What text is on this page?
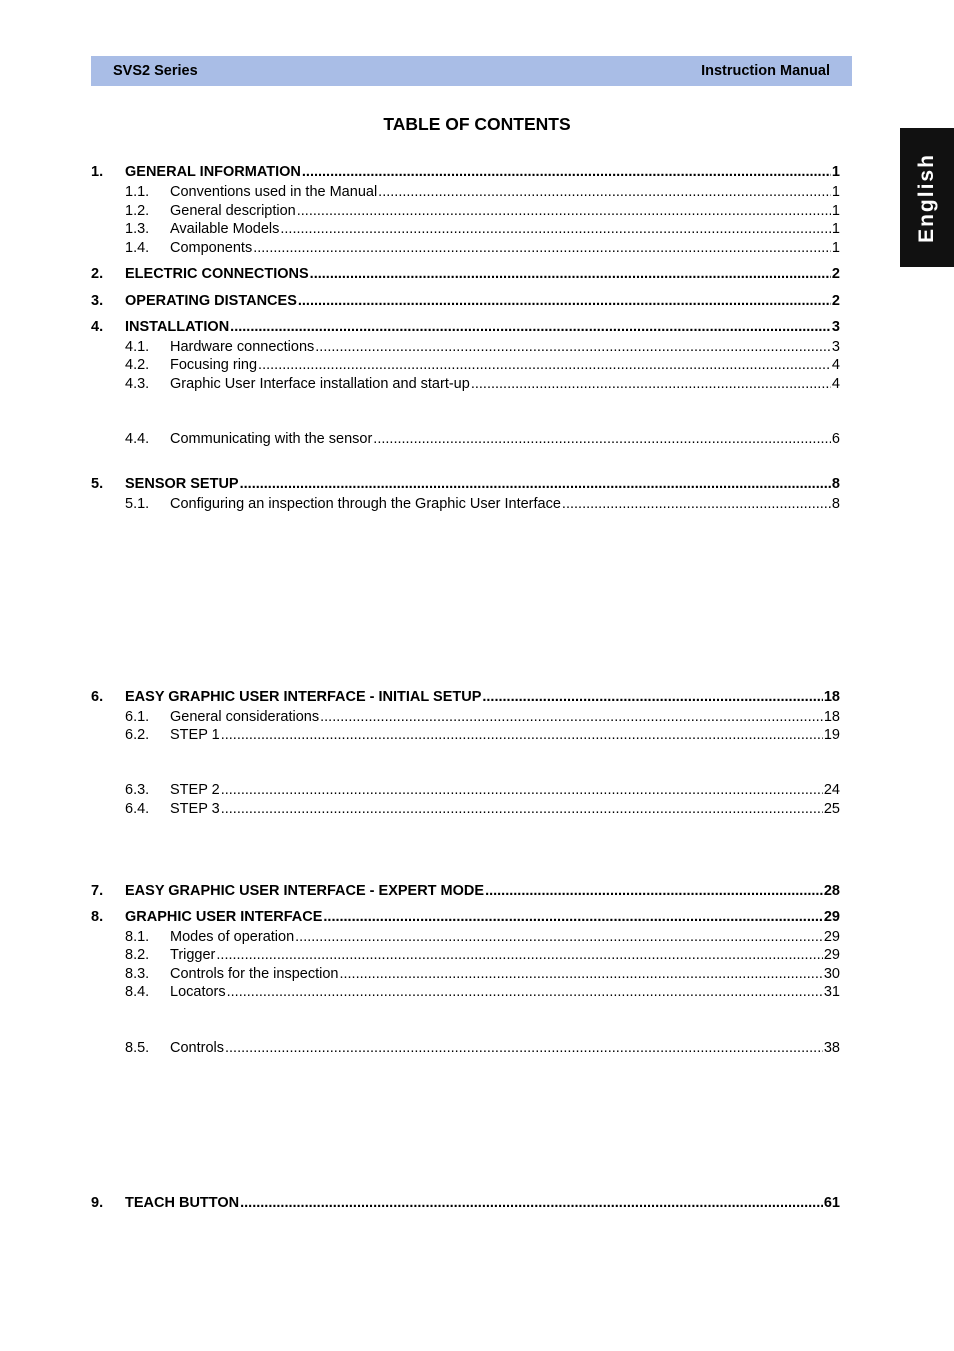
SVS2 Series	Instruction Manual
TABLE OF CONTENTS
English
1.	GENERAL INFORMATION .....	1
1.1.	Conventions used in the Manual .....	1
1.2.	General description .....	1
1.3.	Available Models .....	1
1.4.	Components .....	1
2.	ELECTRIC CONNECTIONS .....	2
3.	OPERATING DISTANCES .....	2
4.	INSTALLATION .....	3
4.1.	Hardware connections .....	3
4.2.	Focusing ring .....	4
4.3.	Graphic User Interface installation and start-up .....	4
4.4.	Communicating with the sensor .....	6
5.	SENSOR SETUP .....	8
5.1.	Configuring an inspection through the Graphic User Interface .....	8
6.	EASY GRAPHIC USER INTERFACE - INITIAL SETUP .....	18
6.1.	General considerations .....	18
6.2.	STEP 1 .....	19
6.3.	STEP 2 .....	24
6.4.	STEP 3 .....	25
7.	EASY GRAPHIC USER INTERFACE - EXPERT MODE .....	28
8.	GRAPHIC USER INTERFACE .....	29
8.1.	Modes of operation .....	29
8.2.	Trigger .....	29
8.3.	Controls for the inspection .....	30
8.4.	Locators .....	31
8.5.	Controls .....	38
9.	TEACH BUTTON .....	61
